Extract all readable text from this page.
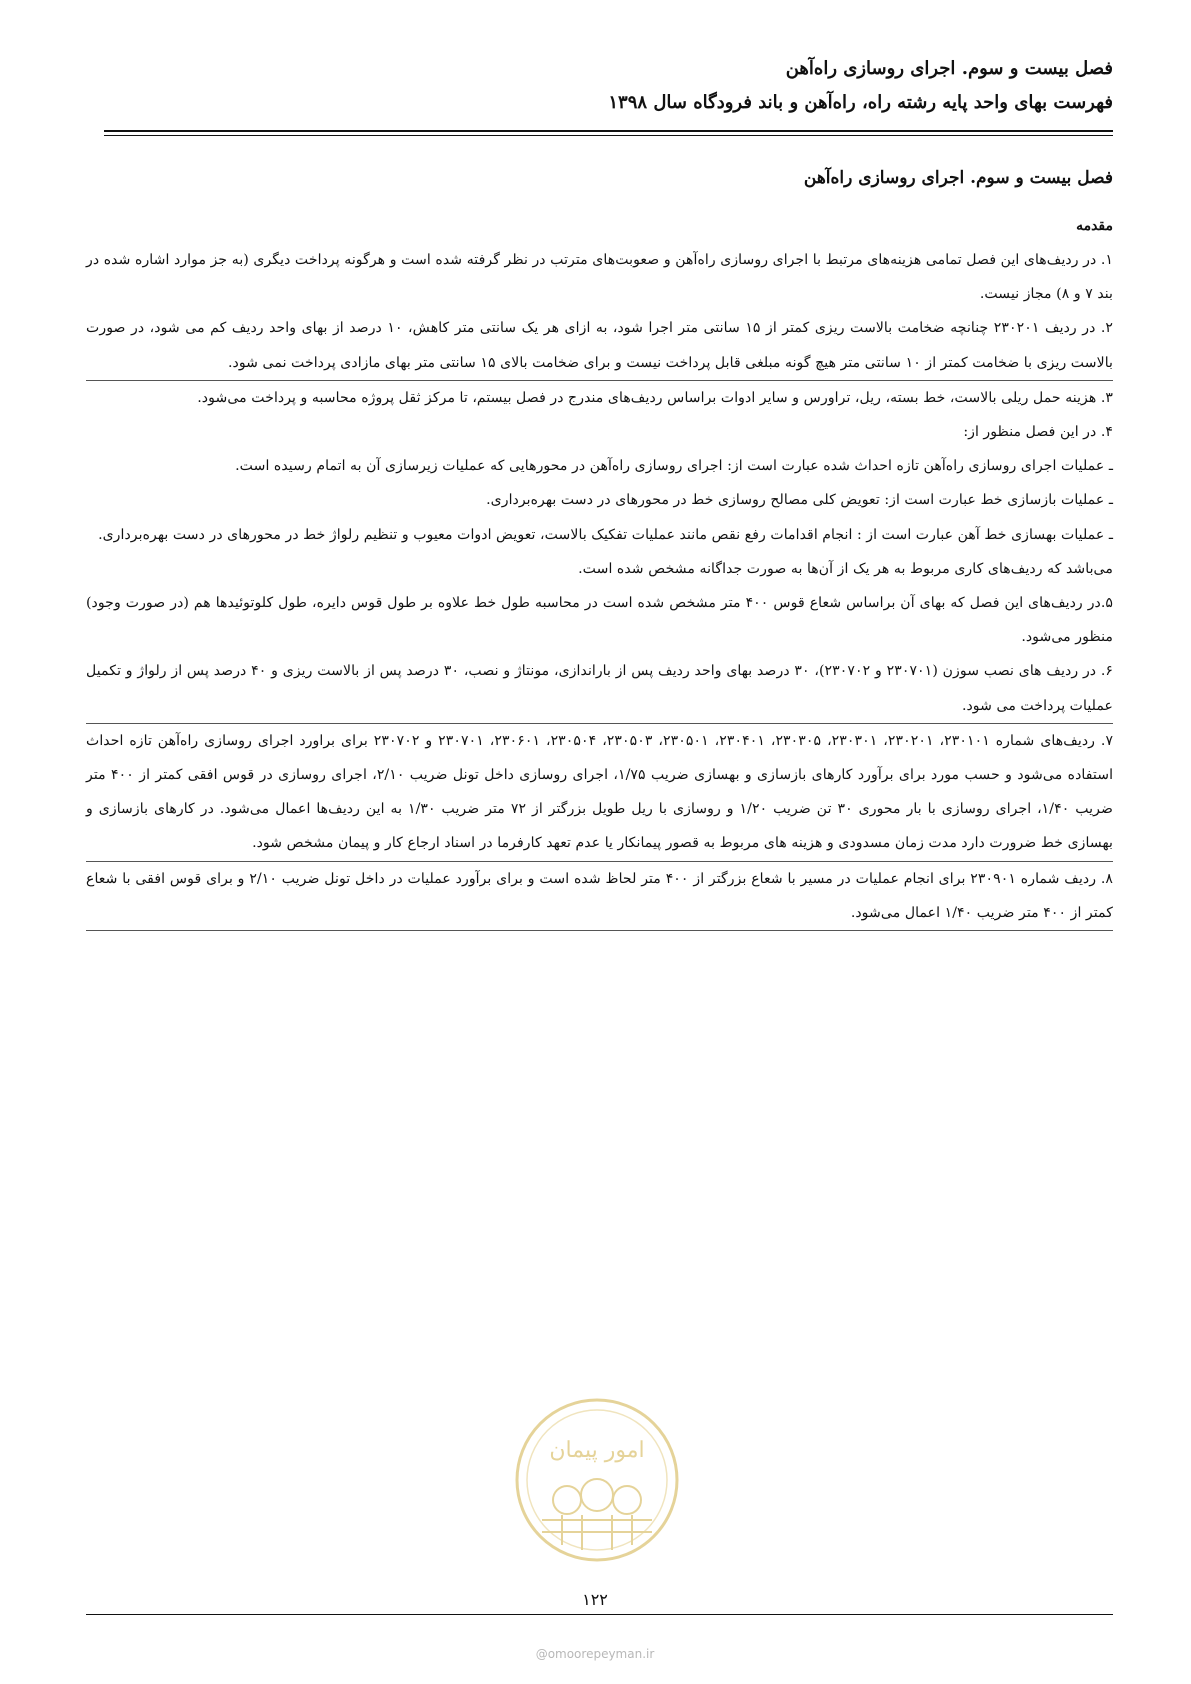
فصل بیست و سوم. اجرای روسازی راه‌آهن
فهرست بهای واحد پایه رشته راه، راه‌آهن و باند فرودگاه سال ۱۳۹۸
فصل بیست و سوم. اجرای روسازی راه‌آهن
مقدمه

۱. در ردیف‌های این فصل تمامی هزینه‌های مرتبط با اجرای روسازی راه‌آهن و صعوبت‌های مترتب در نظر گرفته شده است و هرگونه پرداخت دیگری (به جز موارد اشاره شده در بند ۷ و ۸) مجاز نیست.

۲. در ردیف ۲۳۰۲۰۱ چنانچه ضخامت بالاست ریزی کمتر از ۱۵ سانتی متر اجرا شود، به ازای هر یک سانتی متر کاهش، ۱۰ درصد از بهای واحد ردیف کم می شود، در صورت بالاست ریزی با ضخامت کمتر از ۱۰ سانتی متر هیچ گونه مبلغی قابل پرداخت نیست و برای ضخامت بالای ۱۵ سانتی متر بهای مازادی پرداخت نمی شود.

۳. هزینه حمل ریلی بالاست، خط بسته، ریل، تراورس و سایر ادوات براساس ردیف‌های مندرج در فصل بیستم، تا مرکز ثقل پروژه محاسبه و پرداخت می‌شود.

۴. در این فصل منظور از:

ـ عملیات اجرای روسازی راه‌آهن تازه احداث شده عبارت است از: اجرای روسازی راه‌آهن در محورهایی که عملیات زیرسازی آن به اتمام رسیده است.

ـ عملیات بازسازی خط عبارت است از: تعویض کلی مصالح روسازی خط در محورهای در دست بهره‌برداری.

ـ عملیات بهسازی خط آهن عبارت است از : انجام اقدامات رفع نقص مانند عملیات تفکیک بالاست، تعویض ادوات معیوب و تنظیم رلواژ خط در محورهای در دست بهره‌برداری.

می‌باشد که ردیف‌های کاری مربوط به هر یک از آن‌ها به صورت جداگانه مشخص شده است.

۵.در ردیف‌های این فصل که بهای آن براساس شعاع قوس ۴۰۰ متر مشخص شده است در محاسبه طول خط علاوه بر طول قوس دایره، طول کلوتوئیدها هم (در صورت وجود) منظور می‌شود.

۶. در ردیف های نصب سوزن (۲۳۰۷۰۱ و ۲۳۰۷۰۲)، ۳۰ درصد بهای واحد ردیف پس از باراندازی، مونتاژ و نصب، ۳۰ درصد پس از بالاست ریزی و ۴۰ درصد پس از رلواژ و تکمیل عملیات پرداخت می شود.

۷. ردیف‌های شماره ۲۳۰۱۰۱، ۲۳۰۲۰۱، ۲۳۰۳۰۱، ۲۳۰۳۰۵، ۲۳۰۴۰۱، ۲۳۰۵۰۱، ۲۳۰۵۰۳، ۲۳۰۵۰۴، ۲۳۰۶۰۱، ۲۳۰۷۰۱ و ۲۳۰۷۰۲ برای براورد اجرای روسازی راه‌آهن تازه احداث استفاده می‌شود و حسب مورد برای برآورد کارهای بازسازی و بهسازی ضریب ۱/۷۵، اجرای روسازی داخل تونل ضریب ۲/۱۰، اجرای روسازی در قوس افقی کمتر از ۴۰۰ متر ضریب ۱/۴۰، اجرای روسازی با بار محوری ۳۰ تن ضریب ۱/۲۰ و روسازی با ریل طویل بزرگتر از ۷۲ متر ضریب ۱/۳۰ به این ردیف‌ها اعمال می‌شود. در کارهای بازسازی و بهسازی خط ضرورت دارد مدت زمان مسدودی و هزینه های مربوط به قصور پیمانکار یا عدم تعهد کارفرما در اسناد ارجاع کار و پیمان مشخص شود.

۸. ردیف شماره ۲۳۰۹۰۱ برای انجام عملیات در مسیر با شعاع بزرگتر از ۴۰۰ متر لحاظ شده است و برای برآورد عملیات در داخل تونل ضریب ۲/۱۰ و برای قوس افقی با شعاع کمتر از ۴۰۰ متر ضریب ۱/۴۰ اعمال می‌شود.

امور پیمان
۱۲۲
@omoorepeyman.ir
